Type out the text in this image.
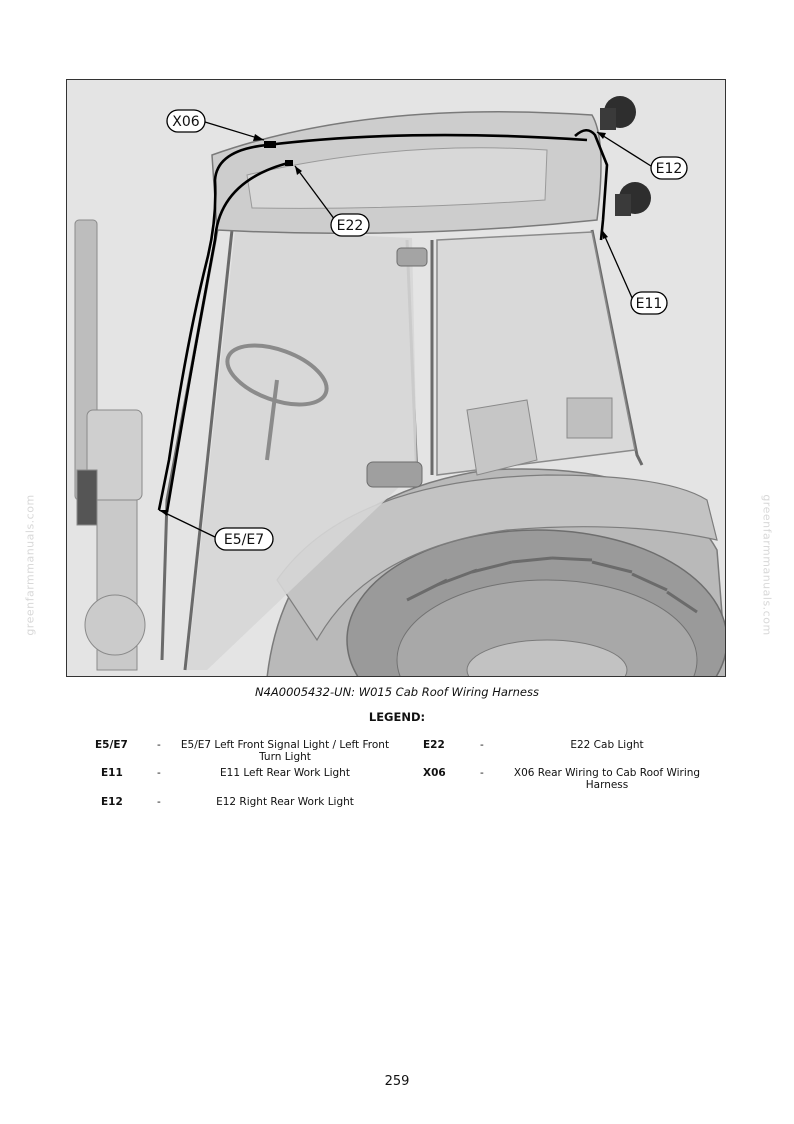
X06
E12
E22
E11
E5/E7
N4A0005432-UN: W015 Cab Roof Wiring Harness
LEGEND:
E5/E7	-	E5/E7 Left Front Signal Light / Left Front
Turn Light
E11	-	E11 Left Rear Work Light
E12	-	E12 Right Rear Work Light
E22	-	E22 Cab Light
X06	-	X06 Rear Wiring to Cab Roof Wiring
Harness
greenfarmmanuals.com	greenfarmmanuals.com
259
